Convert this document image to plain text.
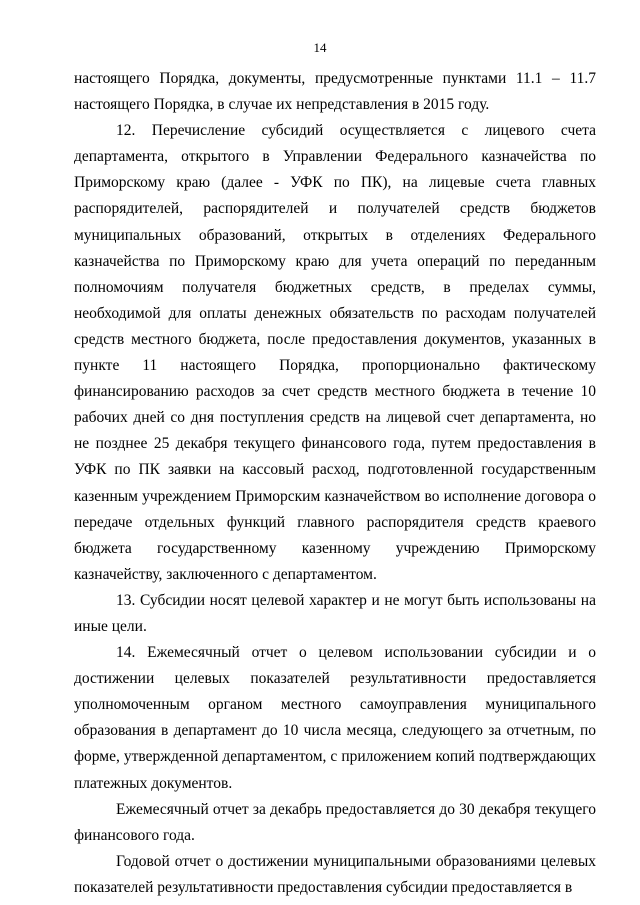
14

настоящего Порядка, документы, предусмотренные пунктами 11.1 – 11.7 настоящего Порядка, в случае их непредставления в 2015 году.

12. Перечисление субсидий осуществляется с лицевого счета департамента, открытого в Управлении Федерального казначейства по Приморскому краю (далее - УФК по ПК), на лицевые счета главных распорядителей, распорядителей и получателей средств бюджетов муниципальных образований, открытых в отделениях Федерального казначейства по Приморскому краю для учета операций по переданным полномочиям получателя бюджетных средств, в пределах суммы, необходимой для оплаты денежных обязательств по расходам получателей средств местного бюджета, после предоставления документов, указанных в пункте 11 настоящего Порядка, пропорционально фактическому финансированию расходов за счет средств местного бюджета в течение 10 рабочих дней со дня поступления средств на лицевой счет департамента, но не позднее 25 декабря текущего финансового года, путем предоставления в УФК по ПК заявки на кассовый расход, подготовленной государственным казенным учреждением Приморским казначейством во исполнение договора о передаче отдельных функций главного распорядителя средств краевого бюджета государственному казенному учреждению Приморскому казначейству, заключенного с департаментом.

13. Субсидии носят целевой характер и не могут быть использованы на иные цели.

14. Ежемесячный отчет о целевом использовании субсидии и о достижении целевых показателей результативности предоставляется уполномоченным органом местного самоуправления муниципального образования в департамент до 10 числа месяца, следующего за отчетным, по форме, утвержденной департаментом, с приложением копий подтверждающих платежных документов.

Ежемесячный отчет за декабрь предоставляется до 30 декабря текущего финансового года.

Годовой отчет о достижении муниципальными образованиями целевых показателей результативности предоставления субсидии предоставляется в
